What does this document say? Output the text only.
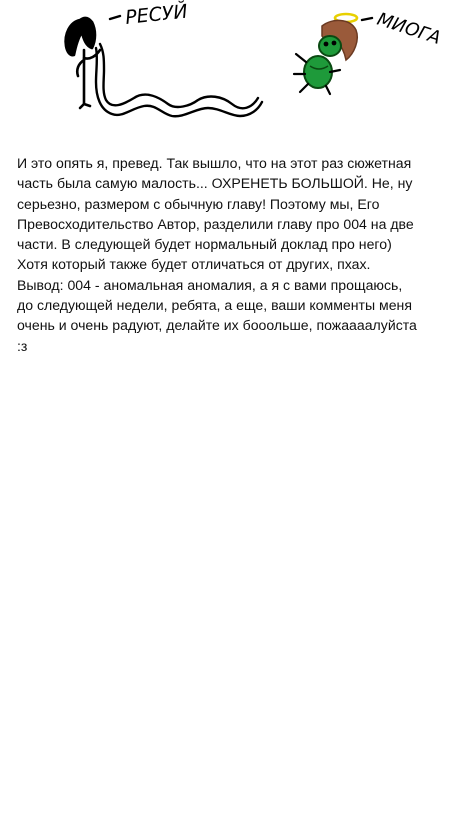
РЕСУЙ	МИОГА
И это опять я, превед. Так вышло, что на этот раз сюжетная часть была самую малость... ОХРЕНЕТЬ БОЛЬШОЙ. Не, ну серьезно, размером с обычную главу! Поэтому мы, Его Превосходительство Автор, разделили главу про 004 на две части. В следующей будет нормальный доклад про него) Хотя который также будет отличаться от других, пхах. Вывод: 004 - аномальная аномалия, а я с вами прощаюсь, до следующей недели, ребята, а еще, ваши комменты меня очень и очень радуют, делайте их бооольше, пожаааалуйста :з
